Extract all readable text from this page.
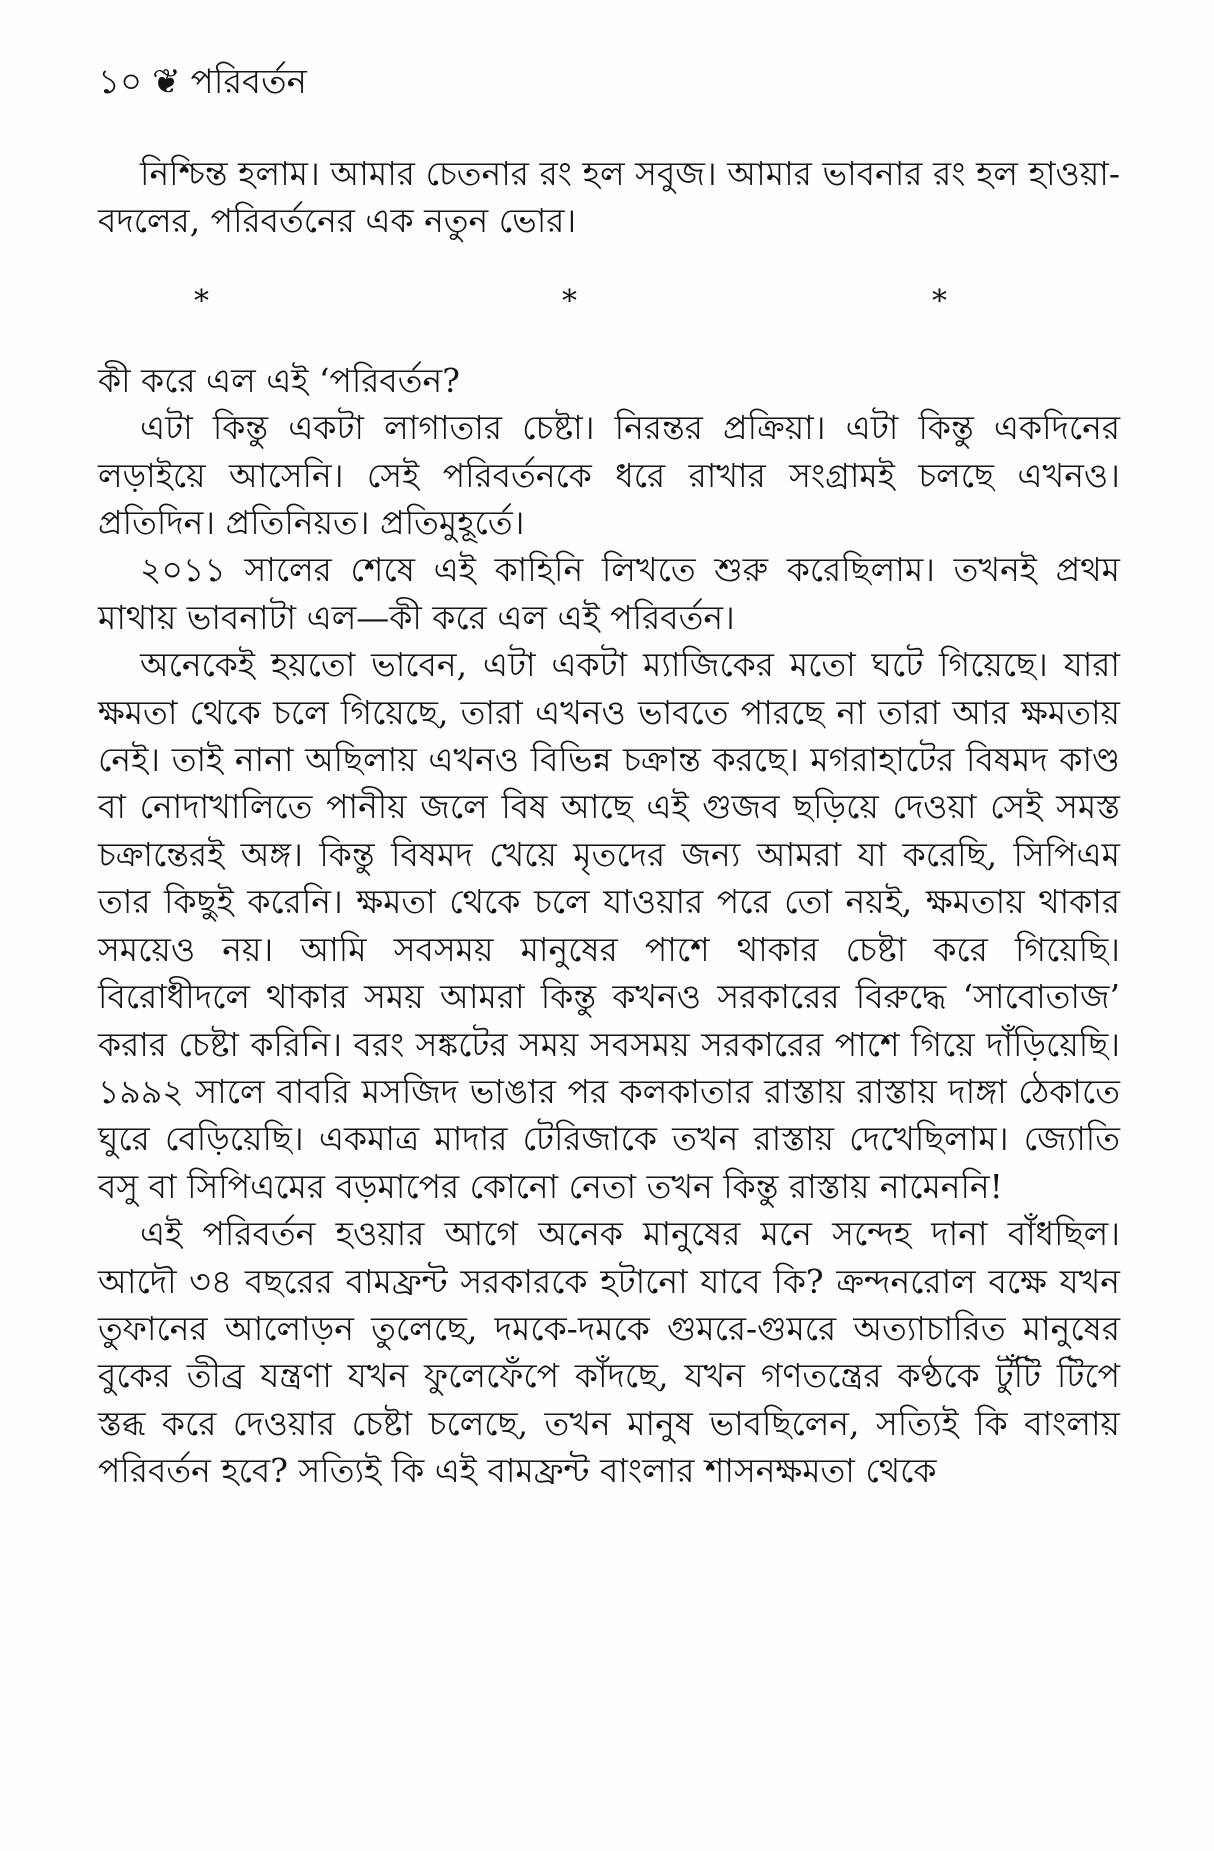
১০ ❦ পরিবর্তন

নিশ্চিন্ত হলাম। আমার চেতনার রং হল সবুজ। আমার ভাবনার রং হল হাওয়া-বদলের, পরিবর্তনের এক নতুন ভোর।

*	*	*

কী করে এল এই ‘পরিবর্তন?

এটা কিন্তু একটা লাগাতার চেষ্টা। নিরন্তর প্রক্রিয়া। এটা কিন্তু একদিনের লড়াইয়ে আসেনি। সেই পরিবর্তনকে ধরে রাখার সংগ্রামই চলছে এখনও। প্রতিদিন। প্রতিনিয়ত। প্রতিমুহূর্তে।

২০১১ সালের শেষে এই কাহিনি লিখতে শুরু করেছিলাম। তখনই প্রথম মাথায় ভাবনাটা এল—কী করে এল এই পরিবর্তন।

অনেকেই হয়তো ভাবেন, এটা একটা ম্যাজিকের মতো ঘটে গিয়েছে। যারা ক্ষমতা থেকে চলে গিয়েছে, তারা এখনও ভাবতে পারছে না তারা আর ক্ষমতায় নেই। তাই নানা অছিলায় এখনও বিভিন্ন চক্রান্ত করছে। মগরাহাটের বিষমদ কাণ্ড বা নোদাখালিতে পানীয় জলে বিষ আছে এই গুজব ছড়িয়ে দেওয়া সেই সমস্ত চক্রান্তেরই অঙ্গ। কিন্তু বিষমদ খেয়ে মৃতদের জন্য আমরা যা করেছি, সিপিএম তার কিছুই করেনি। ক্ষমতা থেকে চলে যাওয়ার পরে তো নয়ই, ক্ষমতায় থাকার সময়েও নয়। আমি সবসময় মানুষের পাশে থাকার চেষ্টা করে গিয়েছি। বিরোধীদলে থাকার সময় আমরা কিন্তু কখনও সরকারের বিরুদ্ধে ‘সাবোতাজ’ করার চেষ্টা করিনি। বরং সঙ্কটের সময় সবসময় সরকারের পাশে গিয়ে দাঁড়িয়েছি। ১৯৯২ সালে বাবরি মসজিদ ভাঙার পর কলকাতার রাস্তায় রাস্তায় দাঙ্গা ঠেকাতে ঘুরে বেড়িয়েছি। একমাত্র মাদার টেরিজাকে তখন রাস্তায় দেখেছিলাম। জ্যোতি বসু বা সিপিএমের বড়মাপের কোনো নেতা তখন কিন্তু রাস্তায় নামেননি!

এই পরিবর্তন হওয়ার আগে অনেক মানুষের মনে সন্দেহ দানা বাঁধছিল। আদৌ ৩৪ বছরের বামফ্রন্ট সরকারকে হটানো যাবে কি? ক্রন্দনরোল বক্ষে যখন তুফানের আলোড়ন তুলেছে, দমকে-দমকে গুমরে-গুমরে অত্যাচারিত মানুষের বুকের তীব্র যন্ত্রণা যখন ফুলেফেঁপে কাঁদছে, যখন গণতন্ত্রের কণ্ঠকে টুঁটি টিপে স্তব্ধ করে দেওয়ার চেষ্টা চলেছে, তখন মানুষ ভাবছিলেন, সত্যিই কি বাংলায় পরিবর্তন হবে? সত্যিই কি এই বামফ্রন্ট বাংলার শাসনক্ষমতা থেকে
